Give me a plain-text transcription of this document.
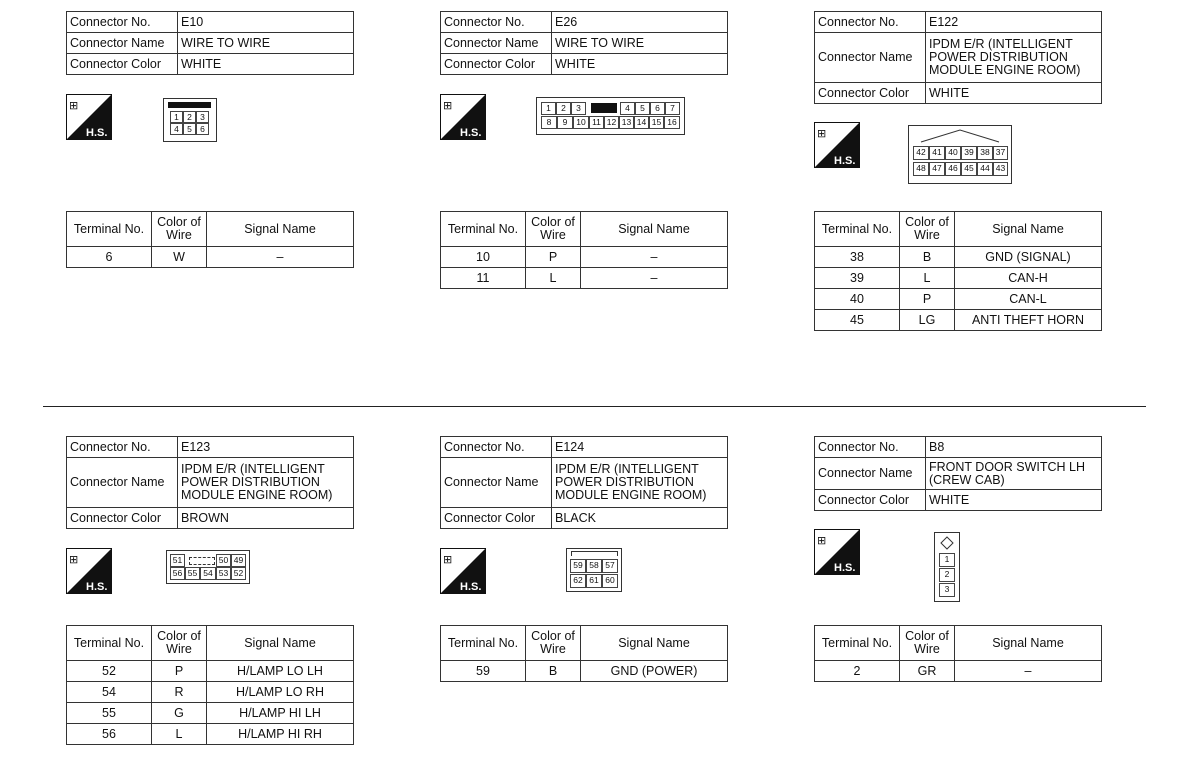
Connector No.	E10
Connector Name	WIRE TO WIRE
Connector Color	WHITE
⊞
H.S.
1 2 3
4 5 6
Terminal No.	Color of Wire	Signal Name
6	W	–
Connector No.	E26
Connector Name	WIRE TO WIRE
Connector Color	WHITE
⊞
H.S.
1	2	3	4	5	6	7
8	9	10 11 12 13 14 15 16
Terminal No.	Color of Wire	Signal Name
10	P	–
11	L	–
Connector No.	E122
Connector Name	IPDM E/R (INTELLIGENT POWER DISTRIBUTION MODULE ENGINE ROOM)
Connector Color	WHITE
⊞
H.S.
42 41 40 39 38 37
48 47 46 45 44 43
Terminal No.	Color of Wire	Signal Name
38	B	GND (SIGNAL)
39	L	CAN-H
40	P	CAN-L
45	LG	ANTI THEFT HORN
Connector No.	E123
Connector Name	IPDM E/R (INTELLIGENT POWER DISTRIBUTION MODULE ENGINE ROOM)
Connector Color	BROWN
⊞
H.S.
51	50 49
56 55 54 53 52
Terminal No.	Color of Wire	Signal Name
52	P	H/LAMP LO LH
54	R	H/LAMP LO RH
55	G	H/LAMP HI LH
56	L	H/LAMP HI RH
Connector No.	E124
Connector Name	IPDM E/R (INTELLIGENT POWER DISTRIBUTION MODULE ENGINE ROOM)
Connector Color	BLACK
⊞
H.S.
59 58 57
62 61 60
Terminal No.	Color of Wire	Signal Name
59	B	GND (POWER)
Connector No.	B8
Connector Name	FRONT DOOR SWITCH LH (CREW CAB)
Connector Color	WHITE
⊞
H.S.
1
2
3
Terminal No.	Color of Wire	Signal Name
2	GR	–
